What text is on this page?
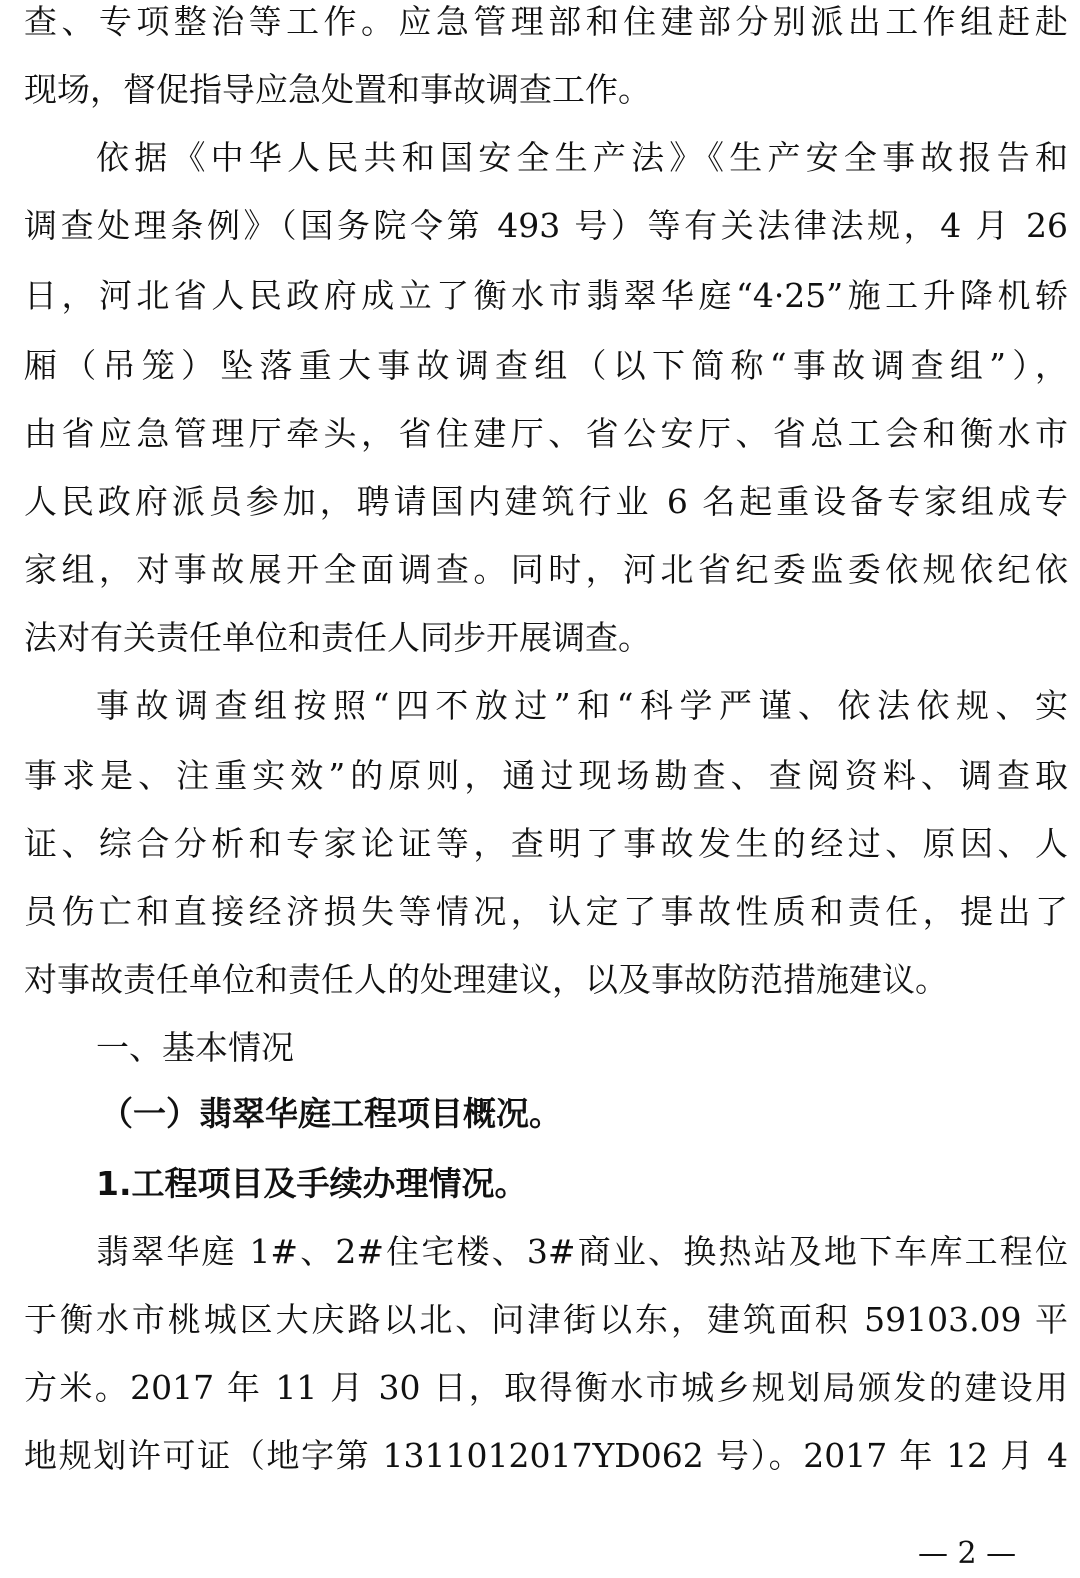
查、专项整治等工作。应急管理部和住建部分别派出工作组赶赴
现场，督促指导应急处置和事故调查工作。
依据《中华人民共和国安全生产法》《生产安全事故报告和
调查处理条例》（国务院令第 493 号）等有关法律法规，4 月 26
日，河北省人民政府成立了衡水市翡翠华庭“4·25”施工升降机轿
厢（吊笼）坠落重大事故调查组（以下简称“事故调查组”），
由省应急管理厅牵头，省住建厅、省公安厅、省总工会和衡水市
人民政府派员参加，聘请国内建筑行业 6 名起重设备专家组成专
家组，对事故展开全面调查。同时，河北省纪委监委依规依纪依
法对有关责任单位和责任人同步开展调查。
事故调查组按照“四不放过”和“科学严谨、依法依规、实
事求是、注重实效”的原则，通过现场勘查、查阅资料、调查取
证、综合分析和专家论证等，查明了事故发生的经过、原因、人
员伤亡和直接经济损失等情况，认定了事故性质和责任，提出了
对事故责任单位和责任人的处理建议，以及事故防范措施建议。
一、基本情况
（一）翡翠华庭工程项目概况。
1.工程项目及手续办理情况。
翡翠华庭 1#、2#住宅楼、3#商业、换热站及地下车库工程位
于衡水市桃城区大庆路以北、问津街以东，建筑面积 59103.09 平
方米。2017 年 11 月 30 日，取得衡水市城乡规划局颁发的建设用
地规划许可证（地字第 1311012017YD062 号）。2017 年 12 月 4
— 2 —
